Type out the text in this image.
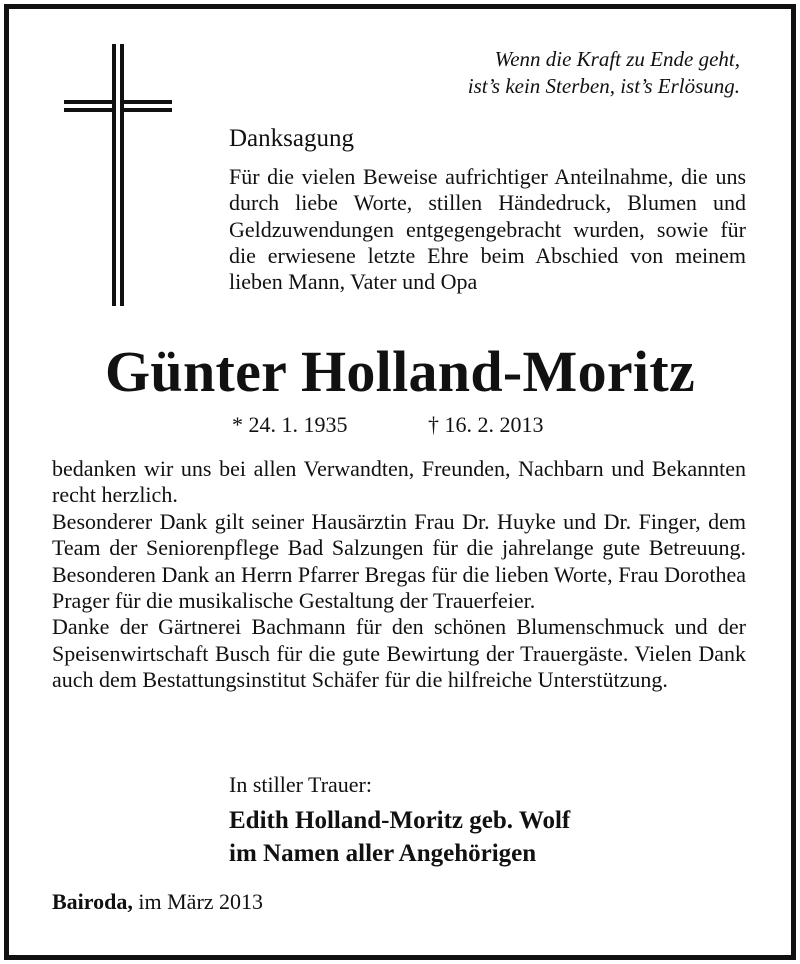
Wenn die Kraft zu Ende geht,
ist’s kein Sterben, ist’s Erlösung.
Danksagung
Für die vielen Beweise aufrichtiger Anteilnahme, die uns durch liebe Worte, stillen Händedruck, Blumen und Geldzuwendungen entgegengebracht wurden, sowie für die erwiesene letzte Ehre beim Abschied von meinem lieben Mann, Vater und Opa
Günter Holland-Moritz
* 24. 1. 1935	† 16. 2. 2013

bedanken wir uns bei allen Verwandten, Freunden, Nachbarn und Bekannten recht herzlich.

Besonderer Dank gilt seiner Hausärztin Frau Dr. Huyke und Dr. Finger, dem Team der Seniorenpflege Bad Salzungen für die jahrelange gute Betreuung. Besonderen Dank an Herrn Pfarrer Bregas für die lieben Worte, Frau Dorothea Prager für die musikalische Gestaltung der Trauerfeier.

Danke der Gärtnerei Bachmann für den schönen Blumenschmuck und der Speisenwirtschaft Busch für die gute Bewirtung der Trauergäste. Vielen Dank auch dem Bestattungsinstitut Schäfer für die hilfreiche Unterstützung.

In stiller Trauer:
Edith Holland-Moritz geb. Wolf
im Namen aller Angehörigen
Bairoda, im März 2013
